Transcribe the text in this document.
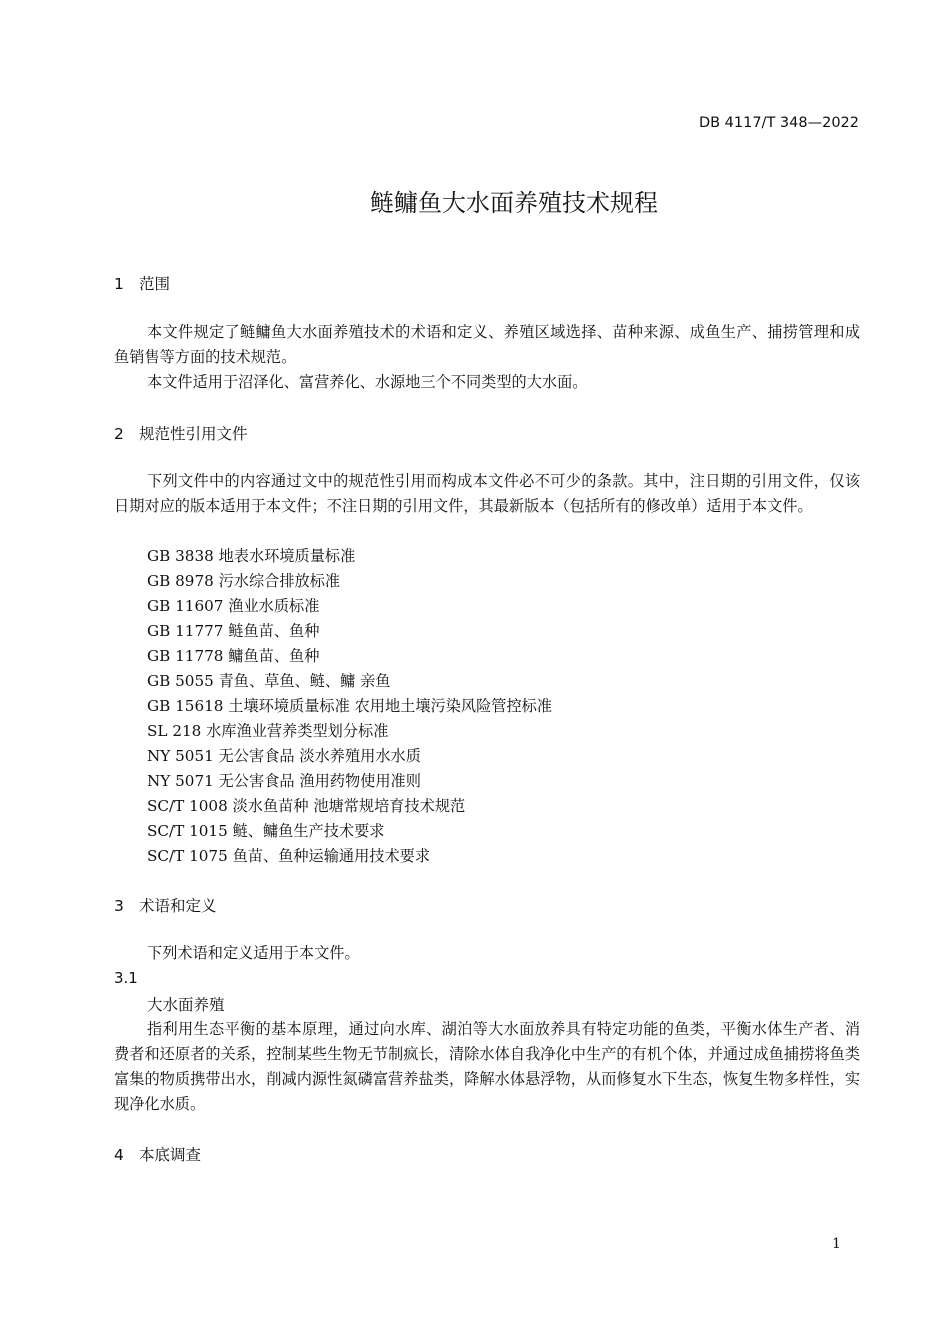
DB 4117/T 348—2022
鲢鳙鱼大水面养殖技术规程
1 范围
本文件规定了鲢鳙鱼大水面养殖技术的术语和定义、养殖区域选择、苗种来源、成鱼生产、捕捞管理和成鱼销售等方面的技术规范。
本文件适用于沼泽化、富营养化、水源地三个不同类型的大水面。
2 规范性引用文件
下列文件中的内容通过文中的规范性引用而构成本文件必不可少的条款。其中，注日期的引用文件，仅该日期对应的版本适用于本文件；不注日期的引用文件，其最新版本（包括所有的修改单）适用于本文件。
GB 3838 地表水环境质量标准
GB 8978 污水综合排放标准
GB 11607 渔业水质标准
GB 11777 鲢鱼苗、鱼种
GB 11778 鳙鱼苗、鱼种
GB 5055 青鱼、草鱼、鲢、鳙 亲鱼
GB 15618 土壤环境质量标准 农用地土壤污染风险管控标准
SL 218 水库渔业营养类型划分标准
NY 5051 无公害食品 淡水养殖用水水质
NY 5071 无公害食品 渔用药物使用准则
SC/T 1008 淡水鱼苗种 池塘常规培育技术规范
SC/T 1015 鲢、鳙鱼生产技术要求
SC/T 1075 鱼苗、鱼种运输通用技术要求
3 术语和定义
下列术语和定义适用于本文件。
3.1
大水面养殖
指利用生态平衡的基本原理，通过向水库、湖泊等大水面放养具有特定功能的鱼类，平衡水体生产者、消费者和还原者的关系，控制某些生物无节制疯长，清除水体自我净化中生产的有机个体，并通过成鱼捕捞将鱼类富集的物质携带出水，削减内源性氮磷富营养盐类，降解水体悬浮物，从而修复水下生态，恢复生物多样性，实现净化水质。
4 本底调查
1
